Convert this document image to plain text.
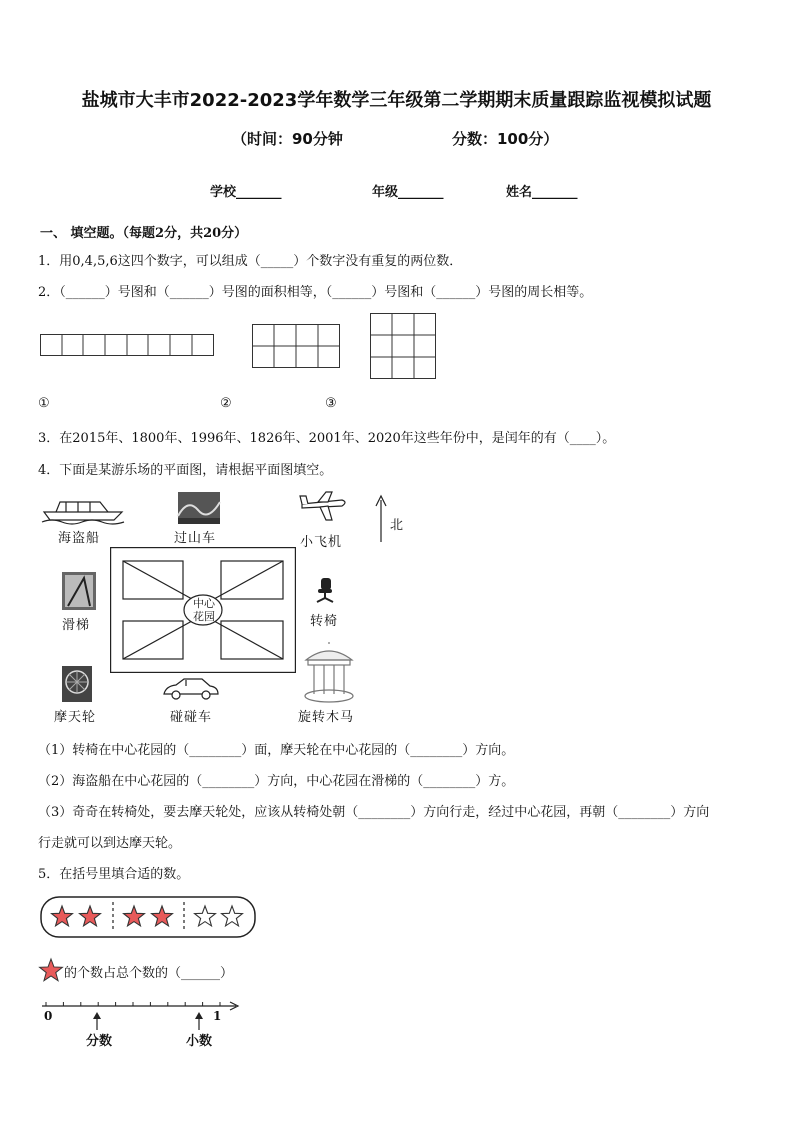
盐城市大丰市2022-2023学年数学三年级第二学期期末质量跟踪监视模拟试题
（时间：90分钟	分数：100分）
学校_______	年级_______	姓名_______
一、 填空题。（每题2分，共20分）
1．用0,4,5,6这四个数字，可以组成（_____）个数字没有重复的两位数．
2．（______）号图和（______）号图的面积相等，（______）号图和（______）号图的周长相等。
①	②	③
3．在2015年、1800年、1996年、1826年、2001年、2020年这些年份中，是闰年的有（____）。
4．下面是某游乐场的平面图，请根据平面图填空。
海盗船	过山车	小飞机
北
滑梯
中心
花园	转椅
摩天轮	碰碰车	旋转木马
（1）转椅在中心花园的（________）面，摩天轮在中心花园的（________）方向。
（2）海盗船在中心花园的（________）方向，中心花园在滑梯的（________）方。
（3）奇奇在转椅处，要去摩天轮处，应该从转椅处朝（________）方向行走，经过中心花园，再朝（________）方向
行走就可以到达摩天轮。
5．在括号里填合适的数。
的个数占总个数的（______）
0	1
分数	小数
